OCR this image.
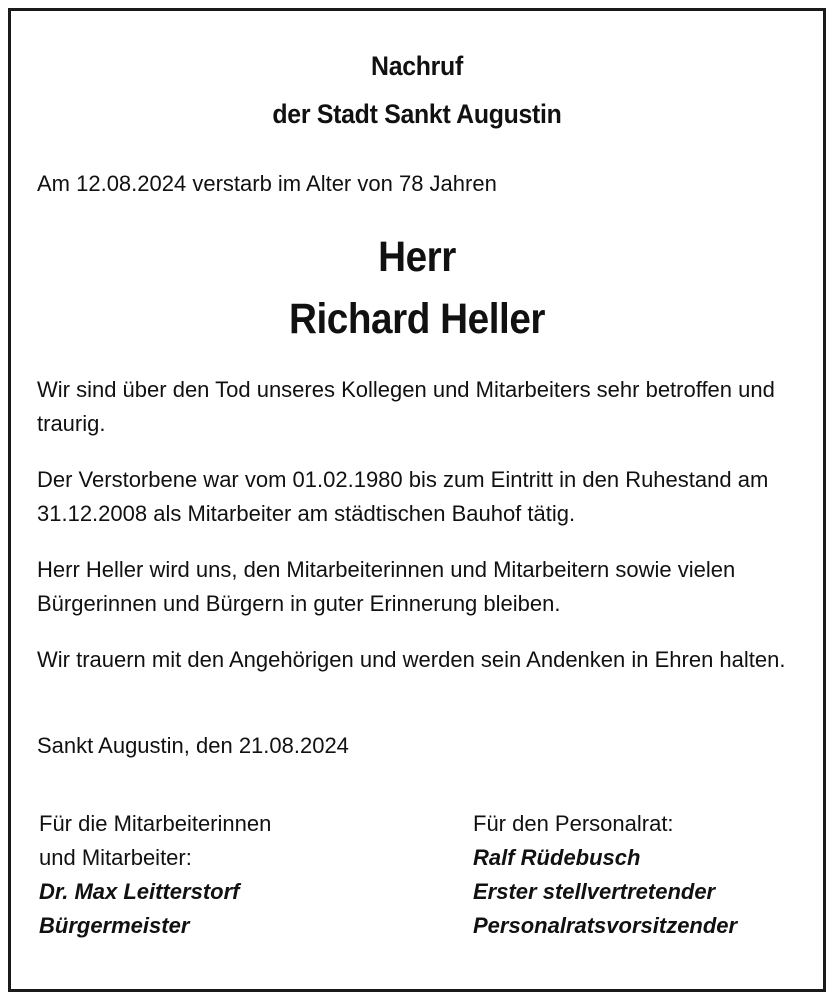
Nachruf
der Stadt Sankt Augustin
Am 12.08.2024 verstarb im Alter von 78 Jahren
Herr
Richard Heller
Wir sind über den Tod unseres Kollegen und Mitarbeiters sehr betroffen und traurig.
Der Verstorbene war vom 01.02.1980 bis zum Eintritt in den Ruhestand am 31.12.2008 als Mitarbeiter am städtischen Bauhof tätig.
Herr Heller wird uns, den Mitarbeiterinnen und Mitarbeitern sowie vielen Bürgerinnen und Bürgern in guter Erinnerung bleiben.
Wir trauern mit den Angehörigen und werden sein Andenken in Ehren halten.
Sankt Augustin, den 21.08.2024
Für die Mitarbeiterinnen
und Mitarbeiter:
Dr. Max Leitterstorf
Bürgermeister
Für den Personalrat:
Ralf Rüdebusch
Erster stellvertretender
Personalratsvorsitzender
